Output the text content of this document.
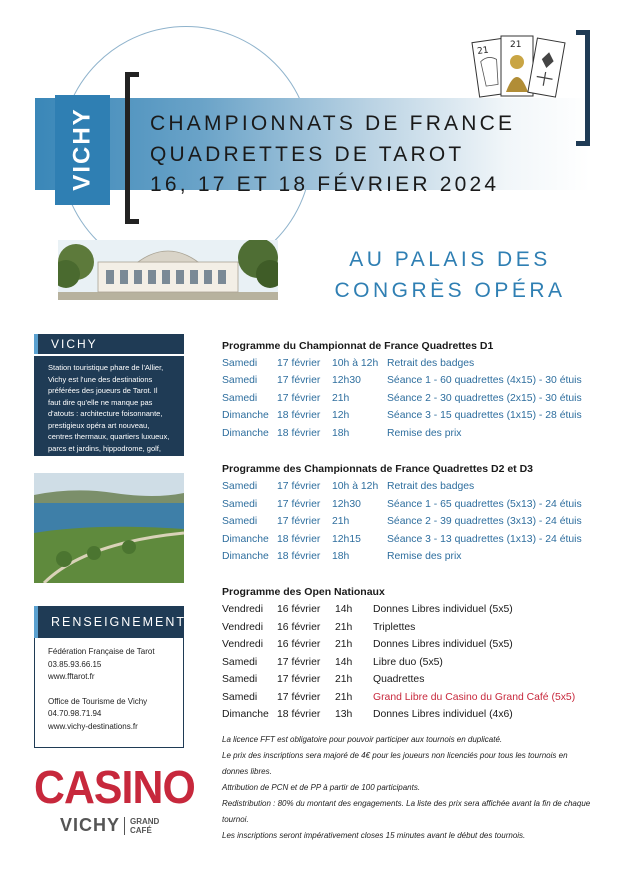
VICHY	CHAMPIONNATS DE FRANCE
QUADRETTES DE TAROT
16, 17 ET 18 FÉVRIER 2024
21
21
AU PALAIS DES
CONGRÈS OPÉRA
VICHY
Station touristique phare de l'Allier, Vichy est l'une des destinations préférées des joueurs de Tarot. Il faut dire qu'elle ne manque pas d'atouts : architecture foisonnante, prestigieux opéra art nouveau, centres thermaux, quartiers luxueux, parcs et jardins, hippodrome, golf, boutiques de mode.
RENSEIGNEMENTS
Fédération Française de Tarot
03.85.93.66.15
www.fftarot.fr
Office de Tourisme de Vichy
04.70.98.71.94
www.vichy-destinations.fr
CASINO
VICHY GRAND
CAFÉ
Programme du Championnat de France Quadrettes D1
Samedi 17 février 10h à 12h Retrait des badges
Samedi 17 février 12h30	Séance 1 - 60 quadrettes (4x15) - 30 étuis
Samedi 17 février 21h	Séance 2 - 30 quadrettes (2x15) - 30 étuis
Dimanche 18 février 12h	Séance 3 - 15 quadrettes (1x15) - 28 étuis
Dimanche 18 février 18h	Remise des prix
Programme des Championnats de France Quadrettes D2 et D3
Samedi 17 février 10h à 12h Retrait des badges
Samedi 17 février 12h30	Séance 1 - 65 quadrettes (5x13) - 24 étuis
Samedi 17 février 21h	Séance 2 - 39 quadrettes (3x13) - 24 étuis
Dimanche 18 février 12h15	Séance 3 - 13 quadrettes (1x13) - 24 étuis
Dimanche 18 février 18h	Remise des prix
Programme des Open Nationaux
Vendredi 16 février 14h Donnes Libres individuel (5x5)
Vendredi 16 février 21h Triplettes
Vendredi 16 février 21h Donnes Libres individuel (5x5)
Samedi 17 février 14h Libre duo (5x5)
Samedi 17 février 21h Quadrettes
Samedi 17 février 21h Grand Libre du Casino du Grand Café (5x5)
Dimanche 18 février 13h Donnes Libres individuel (4x6)
La licence FFT est obligatoire pour pouvoir participer aux tournois en duplicaté.
Le prix des inscriptions sera majoré de 4€ pour les joueurs non licenciés pour tous les tournois en donnes libres.
Attribution de PCN et de PP à partir de 100 participants.
Redistribution : 80% du montant des engagements. La liste des prix sera affichée avant la fin de chaque tournoi.
Les inscriptions seront impérativement closes 15 minutes avant le début des tournois.
